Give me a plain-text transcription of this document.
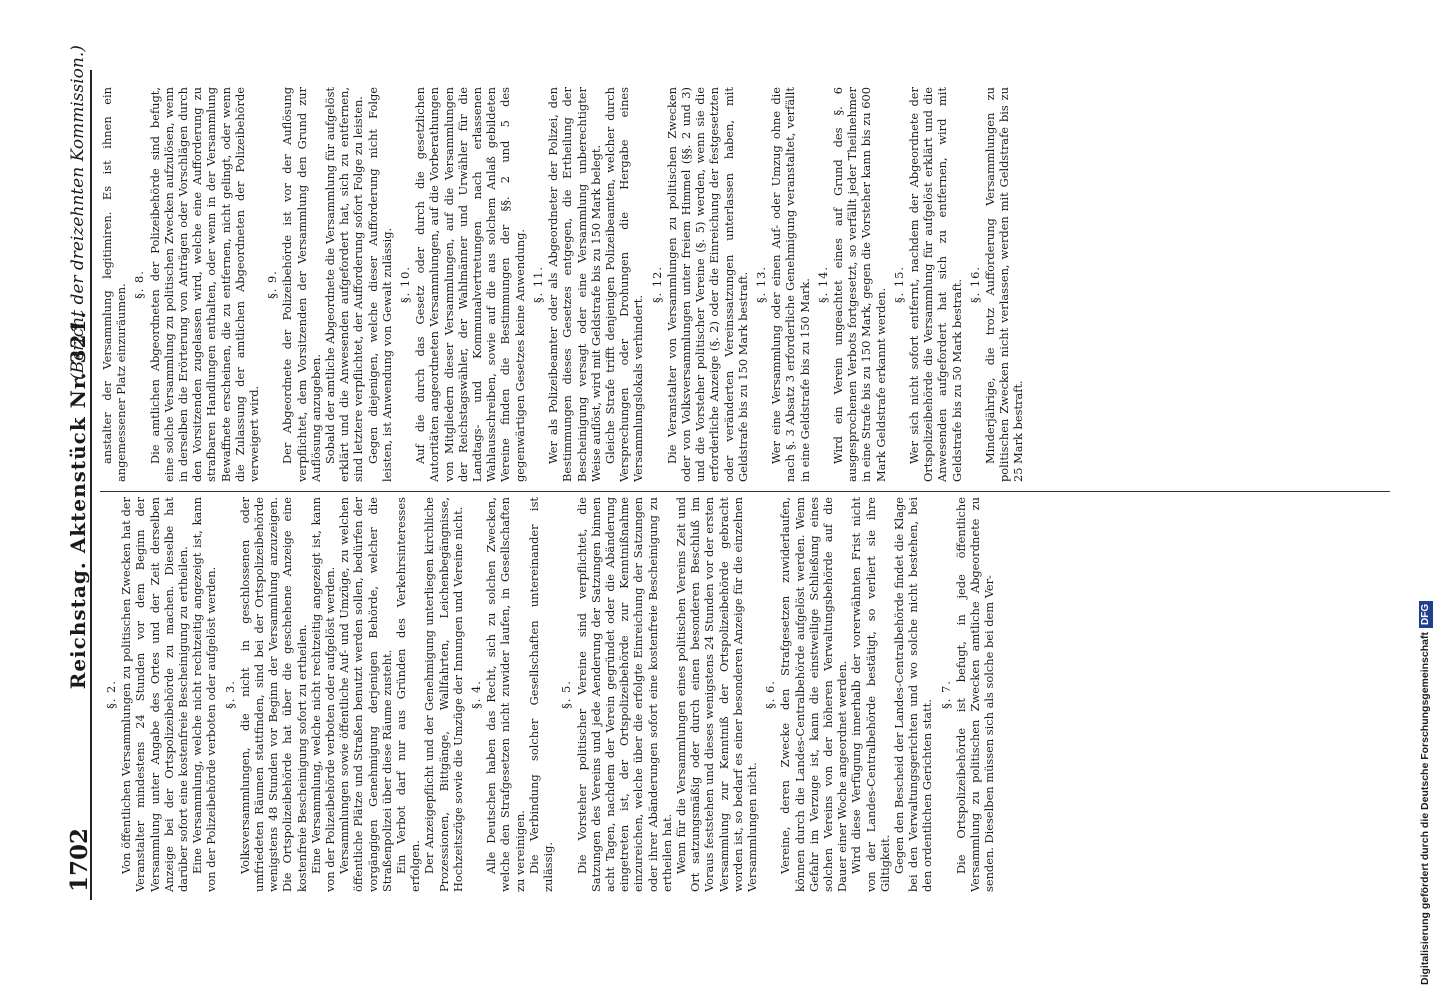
1702
Reichstag. Aktenstück Nr. 321.
(Bericht der dreizehnten Kommission.)
§. 2. Von öffentlichen Versammlungen zu politischen Zwecken hat der Veranstalter mindestens 24 Stunden vor dem Beginn der Versammlung unter Angabe des Ortes und der Zeit derselben Anzeige bei der Ortspolizeibehörde zu machen. Dieselbe hat darüber sofort eine kostenfreie Bescheinigung zu ertheilen. Eine Versammlung, welche nicht rechtzeitig angezeigt ist, kann von der Polizeibehörde verboten oder aufgelöst werden. §. 3. Volksversammlungen, die nicht in geschlossenen oder umfriedeten Räumen stattfinden, sind bei der Ortspolizeibehörde wenigstens 48 Stunden vor Beginn der Versammlung anzuzeigen. Die Ortspolizeibehörde hat über die geschehene Anzeige eine kostenfreie Bescheinigung sofort zu ertheilen. Eine Versammlung, welche nicht rechtzeitig angezeigt ist, kann von der Polizeibehörde verboten oder aufgelöst werden. Versammlungen sowie öffentliche Auf- und Umzüge, zu welchen öffentliche Plätze und Straßen benutzt werden sollen, bedürfen der vorgängigen Genehmigung derjenigen Behörde, welcher die Straßenpolizei über diese Räume zusteht. Ein Verbot darf nur aus Gründen des Verkehrsinteresses erfolgen. Der Anzeigepflicht und der Genehmigung unterliegen kirchliche Prozessionen, Bittgänge, Wallfahrten, Leichenbegängnisse, Hochzeitszüge sowie die Umzüge der Innungen und Vereine nicht. §. 4. Alle Deutschen haben das Recht, sich zu solchen Zwecken, welche den Strafgesetzen nicht zuwider laufen, in Gesellschaften zu vereinigen. Die Verbindung solcher Gesellschaften untereinander ist zulässig.

§. 5. Die Vorsteher politischer Vereine sind verpflichtet, die Satzungen des Vereins und jede Aenderung der Satzungen binnen acht Tagen, nachdem der Verein gegründet oder die Abänderung eingetreten ist, der Ortspolizeibehörde zur Kenntnißnahme einzureichen, welche über die erfolgte Einreichung der Satzungen oder ihrer Abänderungen sofort eine kostenfreie Bescheinigung zu ertheilen hat. Wenn für die Versammlungen eines politischen Vereins Zeit und Ort satzungsmäßig oder durch einen besonderen Beschluß im Voraus feststehen und dieses wenigstens 24 Stunden vor der ersten Versammlung zur Kenntniß der Ortspolizeibehörde gebracht worden ist, so bedarf es einer besonderen Anzeige für die einzelnen Versammlungen nicht.

§. 6. Vereine, deren Zwecke den Strafgesetzen zuwiderlaufen, können durch die Landes-Centralbehörde aufgelöst werden. Wenn Gefahr im Verzuge ist, kann die einstweilige Schließung eines solchen Vereins von der höheren Verwaltungsbehörde auf die Dauer einer Woche angeordnet werden. Wird diese Verfügung innerhalb der vorerwähnten Frist nicht von der Landes-Centralbehörde bestätigt, so verliert sie ihre Giltigkeit. Gegen den Bescheid der Landes-Centralbehörde findet die Klage bei den Verwaltungsgerichten und wo solche nicht bestehen, bei den ordentlichen Gerichten statt.

§. 7. Die Ortspolizeibehörde ist befugt, in jede öffentliche Versammlung zu politischen Zwecken amtliche Abgeordnete zu senden. Dieselben müssen sich als solche bei dem Ver-

anstalter der Versammlung legitimiren. Es ist ihnen ein angemessener Platz einzuräumen. §. 8. Die amtlichen Abgeordneten der Polizeibehörde sind befugt, eine solche Versammlung zu politischen Zwecken aufzulösen, wenn in derselben die Erörterung von Anträgen oder Vorschlägen durch den Vorsitzenden zugelassen wird, welche eine Aufforderung zu strafbaren Handlungen enthalten, oder wenn in der Versammlung Bewaffnete erscheinen, die zu entfernen, nicht gelingt, oder wenn die Zulassung der amtlichen Abgeordneten der Polizeibehörde verweigert wird.

§. 9. Der Abgeordnete der Polizeibehörde ist vor der Auflösung verpflichtet, dem Vorsitzenden der Versammlung den Grund zur Auflösung anzugeben. Sobald der amtliche Abgeordnete die Versammlung für aufgelöst erklärt und die Anwesenden aufgefordert hat, sich zu entfernen, sind letztere verpflichtet, der Aufforderung sofort Folge zu leisten. Gegen diejenigen, welche dieser Aufforderung nicht Folge leisten, ist Anwendung von Gewalt zulässig. §. 10. Auf die durch das Gesetz oder durch die gesetzlichen Autoritäten angeordneten Versammlungen, auf die Vorberathungen von Mitgliedern dieser Versammlungen, auf die Versammlungen der Reichstagswähler, der Wahlmänner und Urwähler für die Landtags- und Kommunalvertretungen nach erlassenen Wahlausschreiben, sowie auf die aus solchem Anlaß gebildeten Vereine finden die Bestimmungen der §§. 2 und 5 des gegenwärtigen Gesetzes keine Anwendung. §. 11. Wer als Polizeibeamter oder als Abgeordneter der Polizei, den Bestimmungen dieses Gesetzes entgegen, die Ertheilung der Bescheinigung versagt oder eine Versammlung unberechtigter Weise auflöst, wird mit Geldstrafe bis zu 150 Mark belegt. Gleiche Strafe trifft denjenigen Polizeibeamten, welcher durch Versprechungen oder Drohungen die Hergabe eines Versammlungslokals verhindert.

§. 12. Die Veranstalter von Versammlungen zu politischen Zwecken oder von Volksversammlungen unter freiem Himmel (§§. 2 und 3) und die Vorsteher politischer Vereine (§. 5) werden, wenn sie die erforderliche Anzeige (§. 2) oder die Einreichung der festgesetzten oder veränderten Vereinssatzungen unterlassen haben, mit Geldstrafe bis zu 150 Mark bestraft. §. 13. Wer eine Versammlung oder einen Auf- oder Umzug ohne die nach §. 3 Absatz 3 erforderliche Genehmigung veranstaltet, verfällt in eine Geldstrafe bis zu 150 Mark. §. 14. Wird ein Verein ungeachtet eines auf Grund des §. 6 ausgesprochenen Verbots fortgesetzt, so verfällt jeder Theilnehmer in eine Strafe bis zu 150 Mark, gegen die Vorsteher kann bis zu 600 Mark Geldstrafe erkannt werden.

§. 15. Wer sich nicht sofort entfernt, nachdem der Abgeordnete der Ortspolizeibehörde die Versammlung für aufgelöst erklärt und die Anwesenden aufgefordert hat sich zu entfernen, wird mit Geldstrafe bis zu 50 Mark bestraft. §. 16. Minderjährige, die trotz Aufforderung Versammlungen zu politischen Zwecken nicht verlassen, werden mit Geldstrafe bis zu 25 Mark bestraft.

Digitalisierung gefördert durch die Deutsche ForschungsgemeinschaftDFG
